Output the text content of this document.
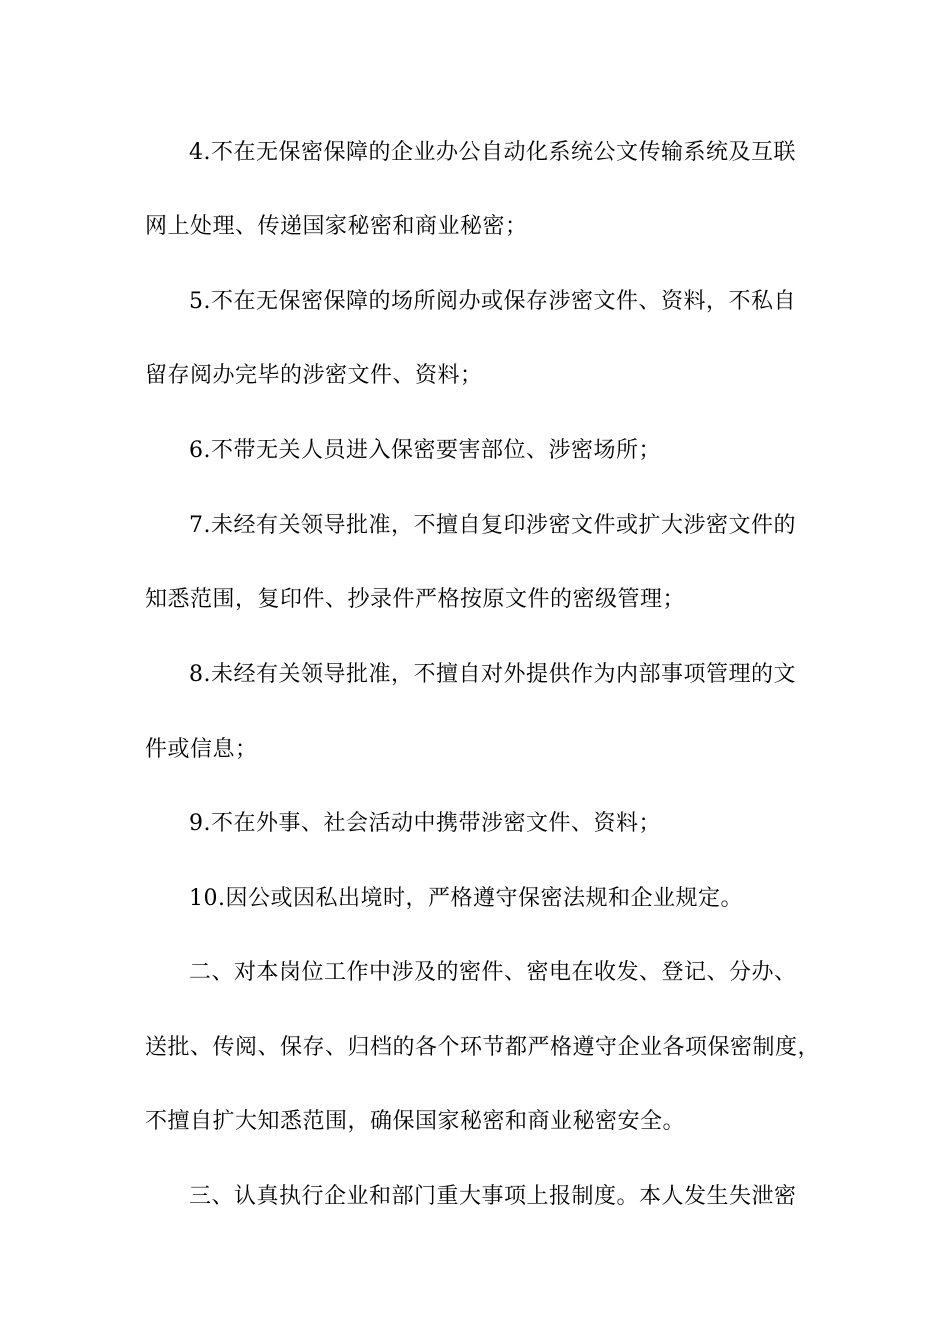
4.不在无保密保障的企业办公自动化系统公文传输系统及互联
网上处理、传递国家秘密和商业秘密；
5.不在无保密保障的场所阅办或保存涉密文件、资料，不私自
留存阅办完毕的涉密文件、资料；
6.不带无关人员进入保密要害部位、涉密场所；
7.未经有关领导批准，不擅自复印涉密文件或扩大涉密文件的
知悉范围，复印件、抄录件严格按原文件的密级管理；
8.未经有关领导批准，不擅自对外提供作为内部事项管理的文
件或信息；
9.不在外事、社会活动中携带涉密文件、资料；
10.因公或因私出境时，严格遵守保密法规和企业规定。
二、对本岗位工作中涉及的密件、密电在收发、登记、分办、
送批、传阅、保存、归档的各个环节都严格遵守企业各项保密制度，
不擅自扩大知悉范围，确保国家秘密和商业秘密安全。
三、认真执行企业和部门重大事项上报制度。本人发生失泄密
